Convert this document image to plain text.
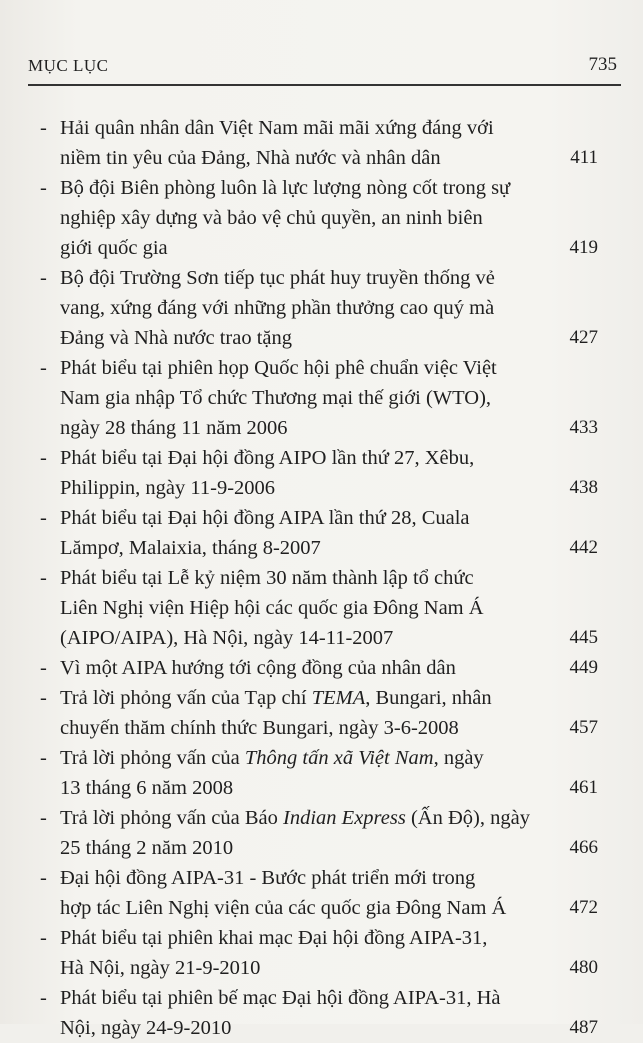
MỤC LỤC	735
- Hải quân nhân dân Việt Nam mãi mãi xứng đáng với
niềm tin yêu của Đảng, Nhà nước và nhân dân	411
- Bộ đội Biên phòng luôn là lực lượng nòng cốt trong sự
nghiệp xây dựng và bảo vệ chủ quyền, an ninh biên
giới quốc gia	419
- Bộ đội Trường Sơn tiếp tục phát huy truyền thống vẻ
vang, xứng đáng với những phần thưởng cao quý mà
Đảng và Nhà nước trao tặng	427
- Phát biểu tại phiên họp Quốc hội phê chuẩn việc Việt
Nam gia nhập Tổ chức Thương mại thế giới (WTO),
ngày 28 tháng 11 năm 2006	433
- Phát biểu tại Đại hội đồng AIPO lần thứ 27, Xêbu,
Philippin, ngày 11-9-2006	438
- Phát biểu tại Đại hội đồng AIPA lần thứ 28, Cuala
Lămpơ, Malaixia, tháng 8-2007	442
- Phát biểu tại Lễ kỷ niệm 30 năm thành lập tổ chức
Liên Nghị viện Hiệp hội các quốc gia Đông Nam Á
(AIPO/AIPA), Hà Nội, ngày 14-11-2007	445
- Vì một AIPA hướng tới cộng đồng của nhân dân	449
- Trả lời phỏng vấn của Tạp chí TEMA, Bungari, nhân
chuyến thăm chính thức Bungari, ngày 3-6-2008	457
- Trả lời phỏng vấn của Thông tấn xã Việt Nam, ngày
13 tháng 6 năm 2008	461
- Trả lời phỏng vấn của Báo Indian Express (Ấn Độ), ngày
25 tháng 2 năm 2010	466
- Đại hội đồng AIPA-31 - Bước phát triển mới trong
hợp tác Liên Nghị viện của các quốc gia Đông Nam Á	472
- Phát biểu tại phiên khai mạc Đại hội đồng AIPA-31,
Hà Nội, ngày 21-9-2010	480
- Phát biểu tại phiên bế mạc Đại hội đồng AIPA-31, Hà
Nội, ngày 24-9-2010	487
